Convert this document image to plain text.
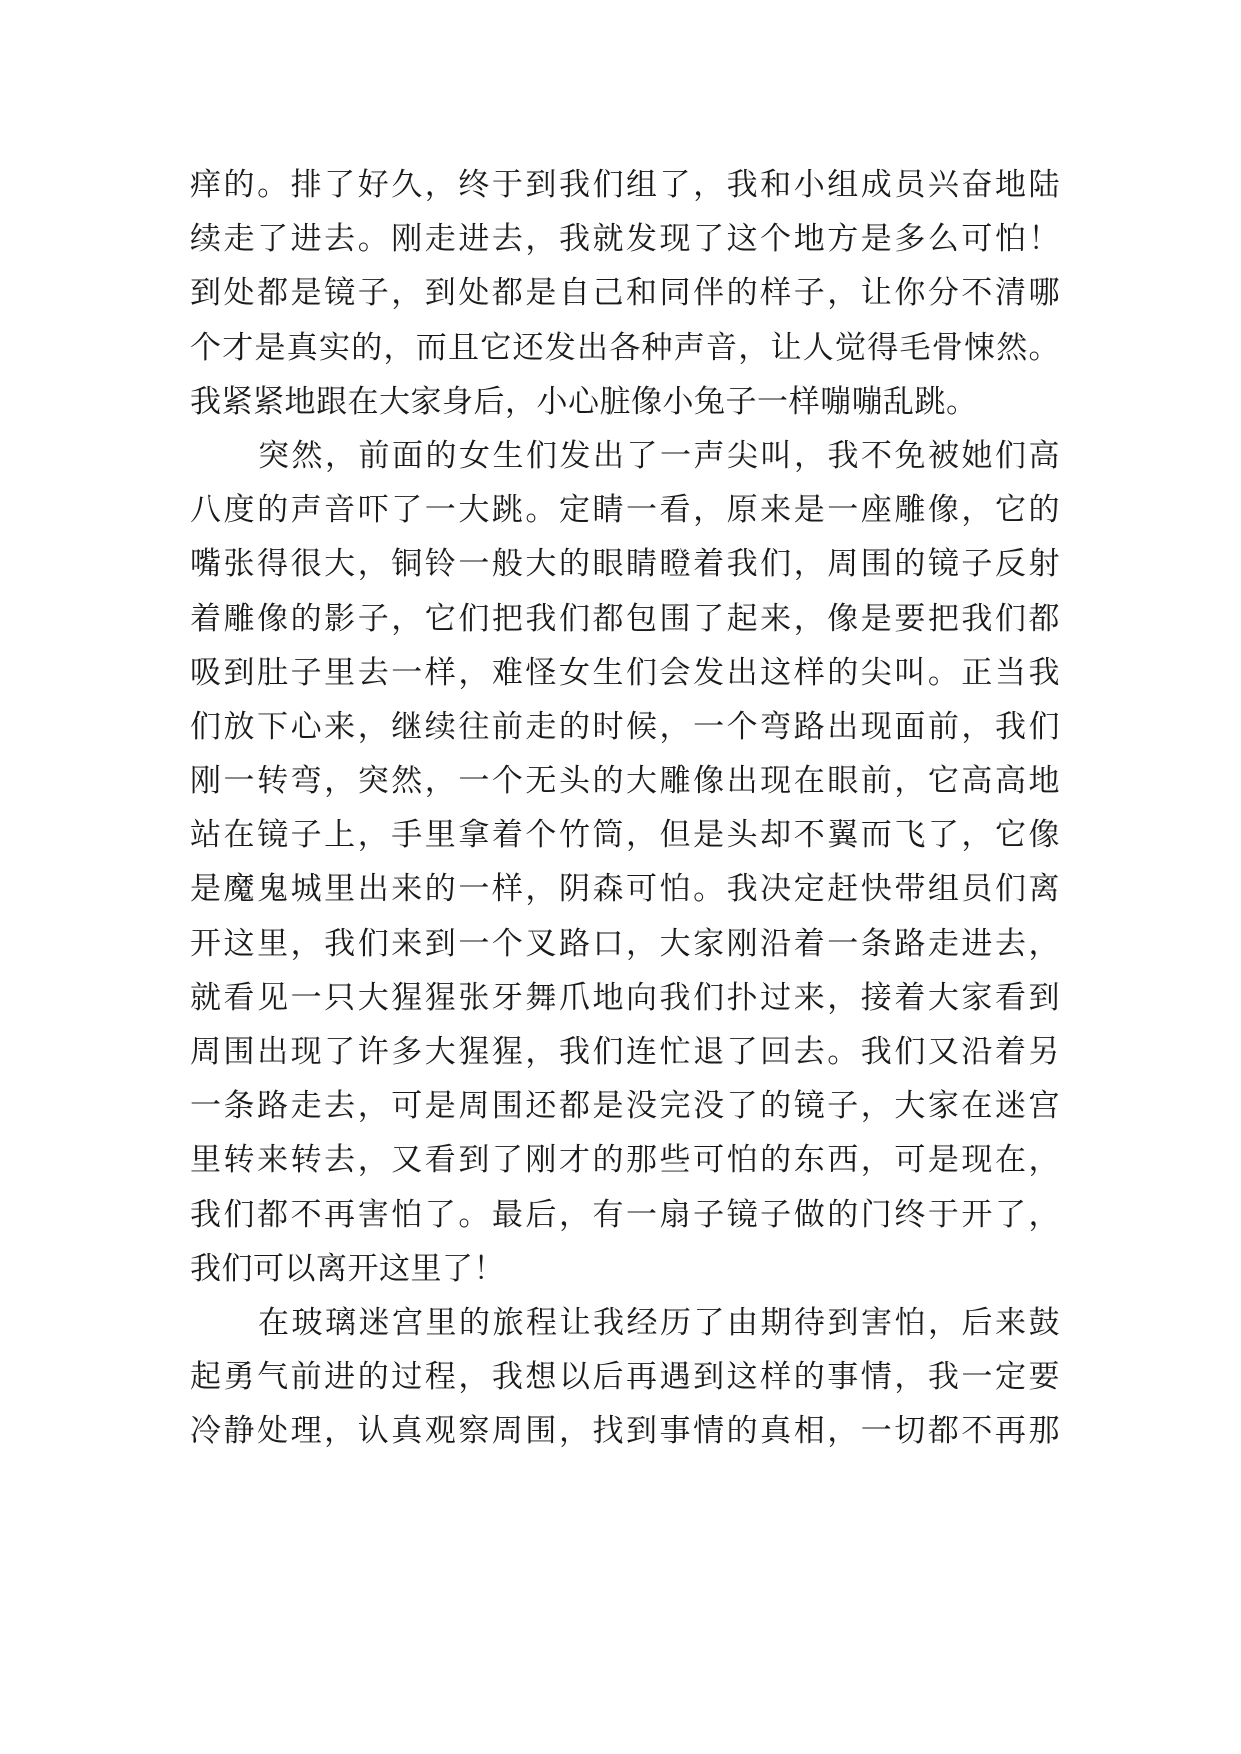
痒的。排了好久，终于到我们组了，我和小组成员兴奋地陆
续走了进去。刚走进去，我就发现了这个地方是多么可怕！
到处都是镜子，到处都是自己和同伴的样子，让你分不清哪
个才是真实的，而且它还发出各种声音，让人觉得毛骨悚然。
我紧紧地跟在大家身后，小心脏像小兔子一样嘣嘣乱跳。
突然，前面的女生们发出了一声尖叫，我不免被她们高
八度的声音吓了一大跳。定睛一看，原来是一座雕像，它的
嘴张得很大，铜铃一般大的眼睛瞪着我们，周围的镜子反射
着雕像的影子，它们把我们都包围了起来，像是要把我们都
吸到肚子里去一样，难怪女生们会发出这样的尖叫。正当我
们放下心来，继续往前走的时候，一个弯路出现面前，我们
刚一转弯，突然，一个无头的大雕像出现在眼前，它高高地
站在镜子上，手里拿着个竹筒，但是头却不翼而飞了，它像
是魔鬼城里出来的一样，阴森可怕。我决定赶快带组员们离
开这里，我们来到一个叉路口，大家刚沿着一条路走进去，
就看见一只大猩猩张牙舞爪地向我们扑过来，接着大家看到
周围出现了许多大猩猩，我们连忙退了回去。我们又沿着另
一条路走去，可是周围还都是没完没了的镜子，大家在迷宫
里转来转去，又看到了刚才的那些可怕的东西，可是现在，
我们都不再害怕了。最后，有一扇子镜子做的门终于开了，
我们可以离开这里了！
在玻璃迷宫里的旅程让我经历了由期待到害怕，后来鼓
起勇气前进的过程，我想以后再遇到这样的事情，我一定要
冷静处理，认真观察周围，找到事情的真相，一切都不再那
